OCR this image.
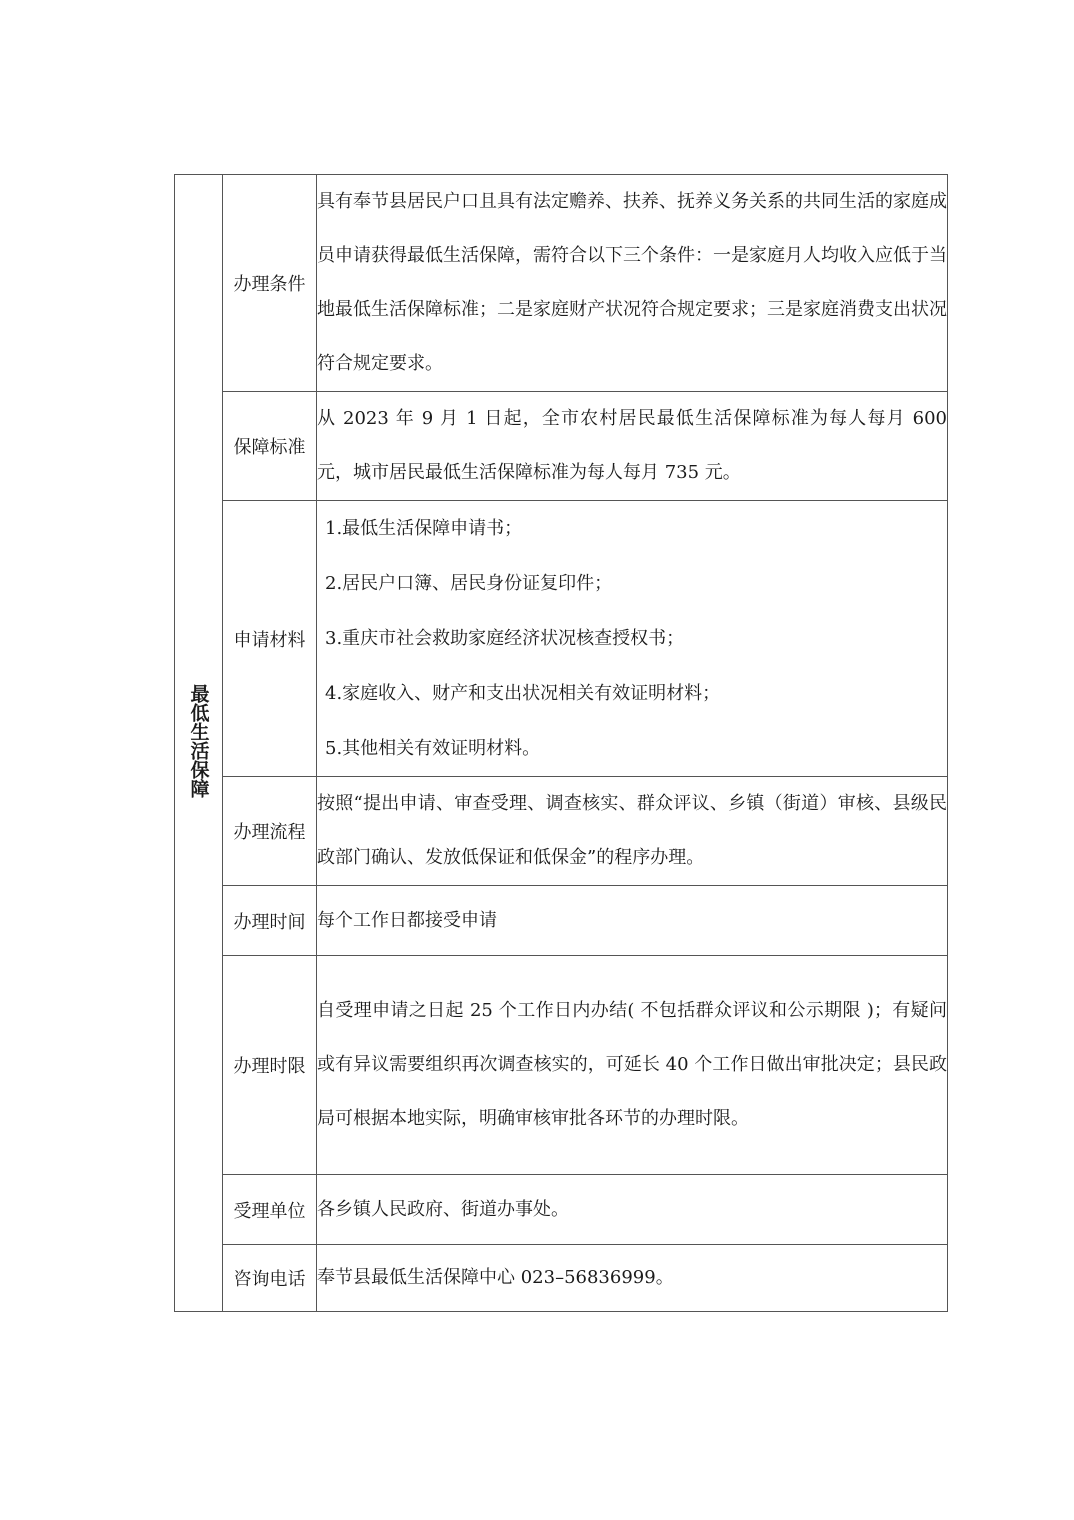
最低生活保障	办理条件	具有奉节县居民户口且具有法定赡养、扶养、抚养义务关系的共同生活的家庭成员申请获得最低生活保障，需符合以下三个条件：一是家庭月人均收入应低于当地最低生活保障标准；二是家庭财产状况符合规定要求；三是家庭消费支出状况符合规定要求。

	保障标准	从 2023 年 9 月 1 日起，全市农村居民最低生活保障标准为每人每月 600 元，城市居民最低生活保障标准为每人每月 735 元。

	申请材料	1.最低生活保障申请书；
2.居民户口簿、居民身份证复印件；
3.重庆市社会救助家庭经济状况核查授权书；
4.家庭收入、财产和支出状况相关有效证明材料；
5.其他相关有效证明材料。

	办理流程	按照“提出申请、审查受理、调查核实、群众评议、乡镇（街道）审核、县级民政部门确认、发放低保证和低保金”的程序办理。

	办理时间	每个工作日都接受申请

	办理时限	自受理申请之日起 25 个工作日内办结( 不包括群众评议和公示期限 )；有疑问或有异议需要组织再次调查核实的，可延长 40 个工作日做出审批决定；县民政局可根据本地实际，明确审核审批各环节的办理时限。

	受理单位	各乡镇人民政府、街道办事处。

	咨询电话	奉节县最低生活保障中心 023–56836999。
